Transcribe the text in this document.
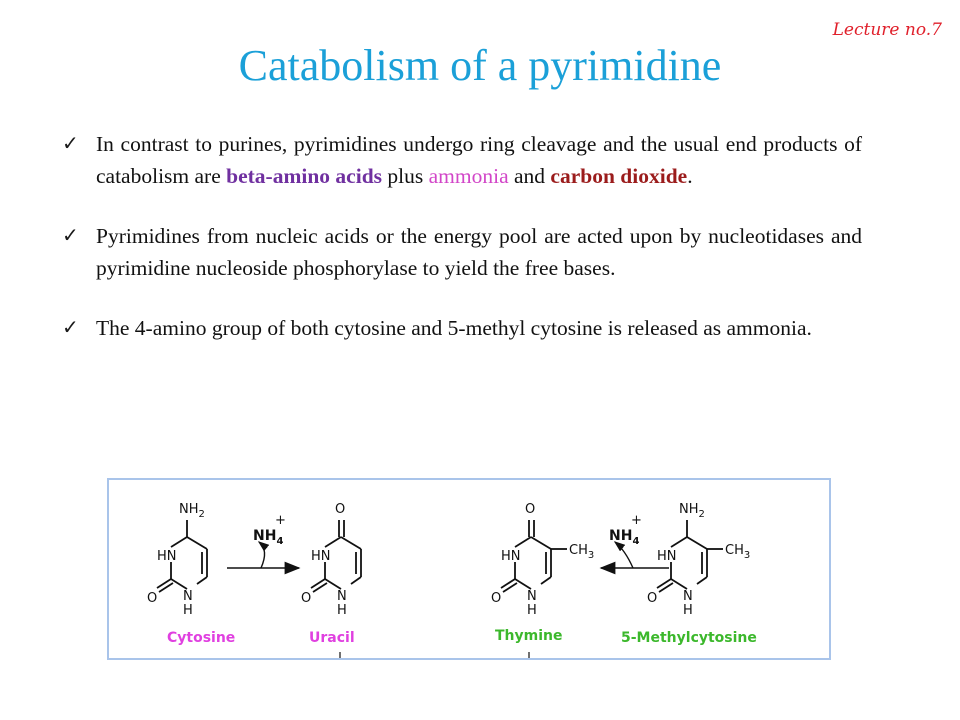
Lecture no.7
Catabolism of a pyrimidine
✓ In contrast to purines, pyrimidines undergo ring cleavage and the usual end products of catabolism are beta-amino acids plus ammonia and carbon dioxide.
✓ Pyrimidines from nucleic acids or the energy pool are acted upon by nucleotidases and pyrimidine nucleoside phosphorylase to yield the free bases.
✓ The 4-amino group of both cytosine and 5-methyl cytosine is released as ammonia.
$NH_2$
HN
O N
H
$NH_4$
+
O
HN
O N
H
O
HN
O N
H
$CH_3$
$NH_4$
+
$NH_2$
HN
O N
H
$CH_3$
Cytosine	Uracil	Thymine	5-Methylcytosine
